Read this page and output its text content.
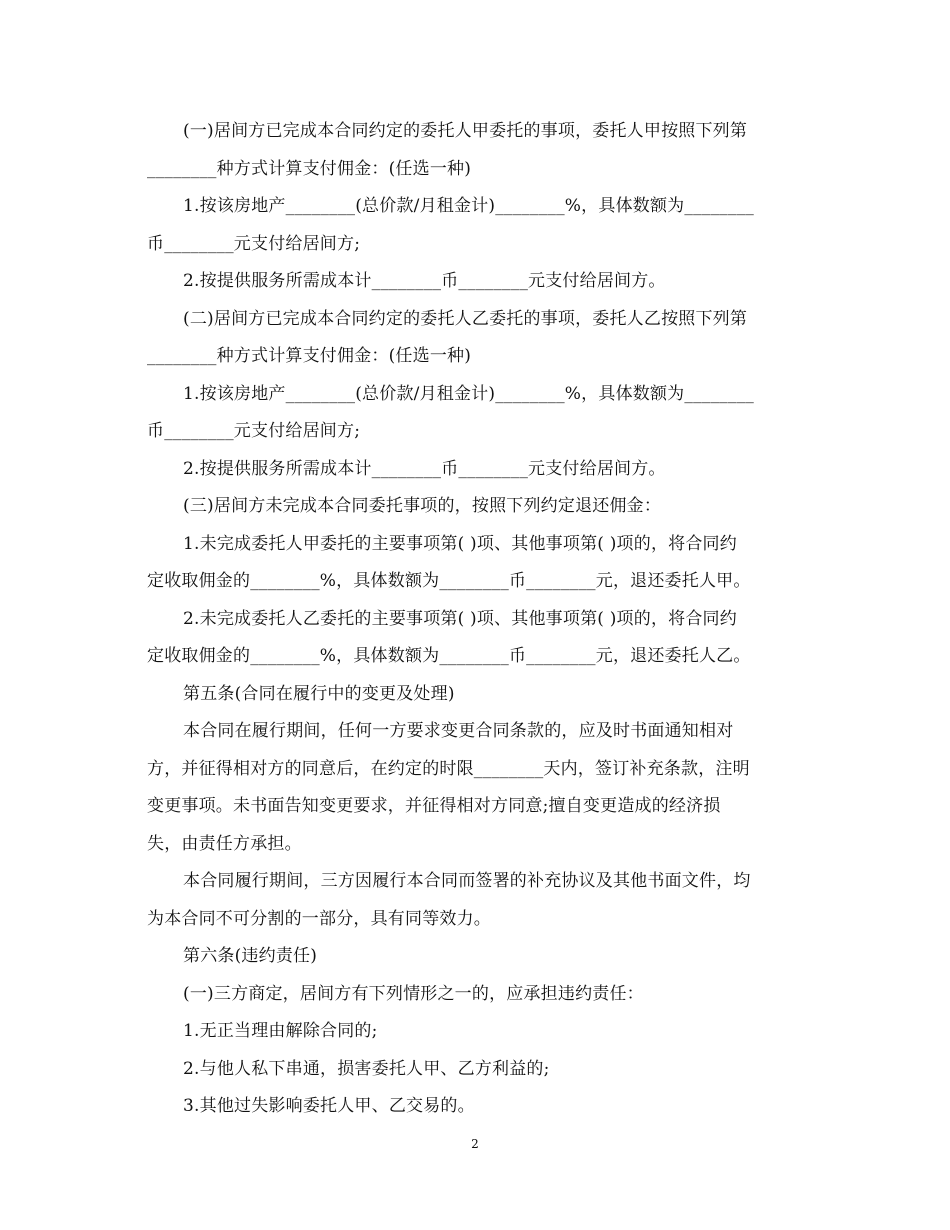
(一)居间方已完成本合同约定的委托人甲委托的事项，委托人甲按照下列第
________种方式计算支付佣金：(任选一种)
1.按该房地产________(总价款/月租金计)________%，具体数额为________
币________元支付给居间方;
2.按提供服务所需成本计________币________元支付给居间方。
(二)居间方已完成本合同约定的委托人乙委托的事项，委托人乙按照下列第
________种方式计算支付佣金：(任选一种)
1.按该房地产________(总价款/月租金计)________%，具体数额为________
币________元支付给居间方;
2.按提供服务所需成本计________币________元支付给居间方。
(三)居间方未完成本合同委托事项的，按照下列约定退还佣金：
1.未完成委托人甲委托的主要事项第( )项、其他事项第( )项的，将合同约
定收取佣金的________%，具体数额为________币________元，退还委托人甲。
2.未完成委托人乙委托的主要事项第( )项、其他事项第( )项的，将合同约
定收取佣金的________%，具体数额为________币________元，退还委托人乙。
第五条(合同在履行中的变更及处理)
本合同在履行期间，任何一方要求变更合同条款的，应及时书面通知相对
方，并征得相对方的同意后，在约定的时限________天内，签订补充条款，注明
变更事项。未书面告知变更要求，并征得相对方同意;擅自变更造成的经济损
失，由责任方承担。
本合同履行期间，三方因履行本合同而签署的补充协议及其他书面文件，均
为本合同不可分割的一部分，具有同等效力。
第六条(违约责任)
(一)三方商定，居间方有下列情形之一的，应承担违约责任：
1.无正当理由解除合同的;
2.与他人私下串通，损害委托人甲、乙方利益的;
3.其他过失影响委托人甲、乙交易的。
2
